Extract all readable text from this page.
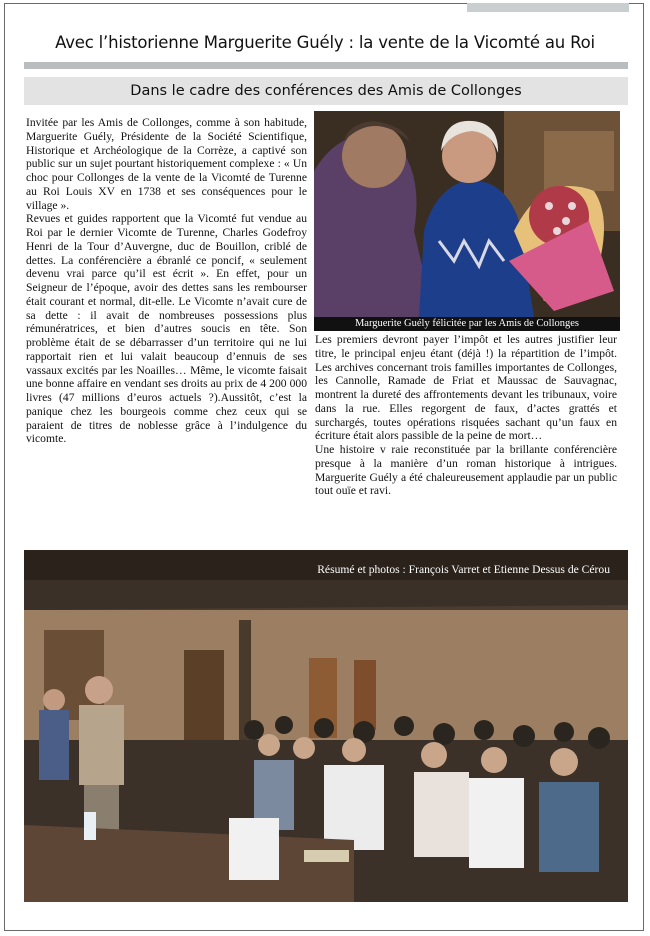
Avec l’historienne Marguerite Guély : la vente de la Vicomté au Roi
Dans le cadre des conférences des Amis de Collonges

Invitée par les Amis de Collonges, comme à son habitude, Marguerite Guély, Présidente de la Société Scientifique, Historique et Archéologique de la Corrèze, a captivé son public sur un sujet pourtant historiquement complexe : « Un choc pour Collonges de la vente de la Vicomté de Turenne au Roi Louis XV en 1738 et ses conséquences pour le village ».

Revues et guides rapportent que la Vicomté fut vendue au Roi par le dernier Vicomte de Turenne, Charles Godefroy Henri de la Tour d’Auvergne, duc de Bouillon, criblé de dettes. La conférencière a ébranlé ce poncif, « seulement devenu vrai parce qu’il est écrit ». En effet, pour un Seigneur de l’époque, avoir des dettes sans les rembourser était courant et normal, dit-elle. Le Vicomte n’avait cure de sa dette : il avait de nombreuses possessions plus rémunératrices, et bien d’autres soucis en tête. Son problème était de se débarrasser d’un territoire qui ne lui rapportait rien et lui valait beaucoup d’ennuis de ses vassaux excités par les Noailles… Même, le vicomte faisait une bonne affaire en vendant ses droits au prix de 4 200 000 livres (47 millions d’euros actuels ?).Aussitôt, c’est la panique chez les bourgeois comme chez ceux qui se paraient de titres de noblesse grâce à l’indulgence du vicomte.

Marguerite Guély félicitée par les Amis de Collonges

Les premiers devront payer l’impôt et les autres justifier leur titre, le principal enjeu étant (déjà !) la répartition de l’impôt. Les archives concernant trois familles importantes de Collonges, les Cannolle, Ramade de Friat et Maussac de Sauvagnac, montrent la dureté des affrontements devant les tribunaux, voire dans la rue. Elles regorgent de faux, d’actes grattés et surchargés, toutes opérations risquées sachant qu’un faux en écriture était alors passible de la peine de mort…

Une histoire v raie reconstituée par la brillante conférencière presque à la manière d’un roman historique à intrigues. Marguerite Guély a été chaleureusement applaudie par un public tout ouïe et ravi.

Résumé et photos : François Varret et Etienne Dessus de Cérou
